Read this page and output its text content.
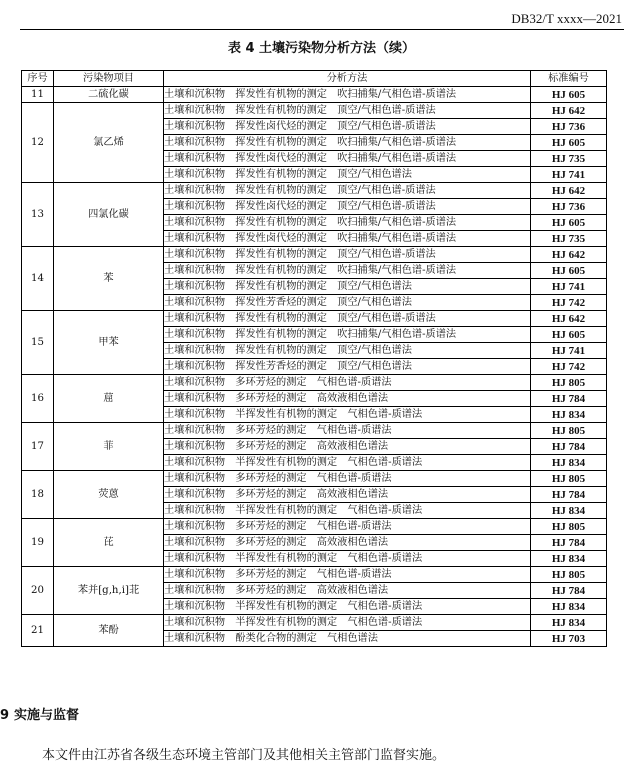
DB32/T xxxx—2021
表 4 土壤污染物分析方法（续）
序号	污染物项目	分析方法	标准编号
11	二硫化碳	土壤和沉积物　挥发性有机物的测定　吹扫捕集/气相色谱-质谱法	HJ 605
12	氯乙烯	土壤和沉积物　挥发性有机物的测定　顶空/气相色谱-质谱法	HJ 642
		土壤和沉积物　挥发性卤代烃的测定　顶空/气相色谱-质谱法	HJ 736
		土壤和沉积物　挥发性有机物的测定　吹扫捕集/气相色谱-质谱法	HJ 605
		土壤和沉积物　挥发性卤代烃的测定　吹扫捕集/气相色谱-质谱法	HJ 735
		土壤和沉积物　挥发性有机物的测定　顶空/气相色谱法	HJ 741
13	四氯化碳	土壤和沉积物　挥发性有机物的测定　顶空/气相色谱-质谱法	HJ 642
		土壤和沉积物　挥发性卤代烃的测定　顶空/气相色谱-质谱法	HJ 736
		土壤和沉积物　挥发性有机物的测定　吹扫捕集/气相色谱-质谱法	HJ 605
		土壤和沉积物　挥发性卤代烃的测定　吹扫捕集/气相色谱-质谱法	HJ 735
14	苯	土壤和沉积物　挥发性有机物的测定　顶空/气相色谱-质谱法	HJ 642
		土壤和沉积物　挥发性有机物的测定　吹扫捕集/气相色谱-质谱法	HJ 605
		土壤和沉积物　挥发性有机物的测定　顶空/气相色谱法	HJ 741
		土壤和沉积物　挥发性芳香烃的测定　顶空/气相色谱法	HJ 742
15	甲苯	土壤和沉积物　挥发性有机物的测定　顶空/气相色谱-质谱法	HJ 642
		土壤和沉积物　挥发性有机物的测定　吹扫捕集/气相色谱-质谱法	HJ 605
		土壤和沉积物　挥发性有机物的测定　顶空/气相色谱法	HJ 741
		土壤和沉积物　挥发性芳香烃的测定　顶空/气相色谱法	HJ 742
16	䓛	土壤和沉积物　多环芳烃的测定　气相色谱-质谱法	HJ 805
		土壤和沉积物　多环芳烃的测定　高效液相色谱法	HJ 784
		土壤和沉积物　半挥发性有机物的测定　气相色谱-质谱法	HJ 834
17	菲	土壤和沉积物　多环芳烃的测定　气相色谱-质谱法	HJ 805
		土壤和沉积物　多环芳烃的测定　高效液相色谱法	HJ 784
		土壤和沉积物　半挥发性有机物的测定　气相色谱-质谱法	HJ 834
18	荧蒽	土壤和沉积物　多环芳烃的测定　气相色谱-质谱法	HJ 805
		土壤和沉积物　多环芳烃的测定　高效液相色谱法	HJ 784
		土壤和沉积物　半挥发性有机物的测定　气相色谱-质谱法	HJ 834
19	芘	土壤和沉积物　多环芳烃的测定　气相色谱-质谱法	HJ 805
		土壤和沉积物　多环芳烃的测定　高效液相色谱法	HJ 784
		土壤和沉积物　半挥发性有机物的测定　气相色谱-质谱法	HJ 834
20	苯并[g,h,i]苝	土壤和沉积物　多环芳烃的测定　气相色谱-质谱法	HJ 805
		土壤和沉积物　多环芳烃的测定　高效液相色谱法	HJ 784
		土壤和沉积物　半挥发性有机物的测定　气相色谱-质谱法	HJ 834
21	苯酚	土壤和沉积物　半挥发性有机物的测定　气相色谱-质谱法	HJ 834
		土壤和沉积物　酚类化合物的测定　气相色谱法	HJ 703
9 实施与监督
本文件由江苏省各级生态环境主管部门及其他相关主管部门监督实施。
